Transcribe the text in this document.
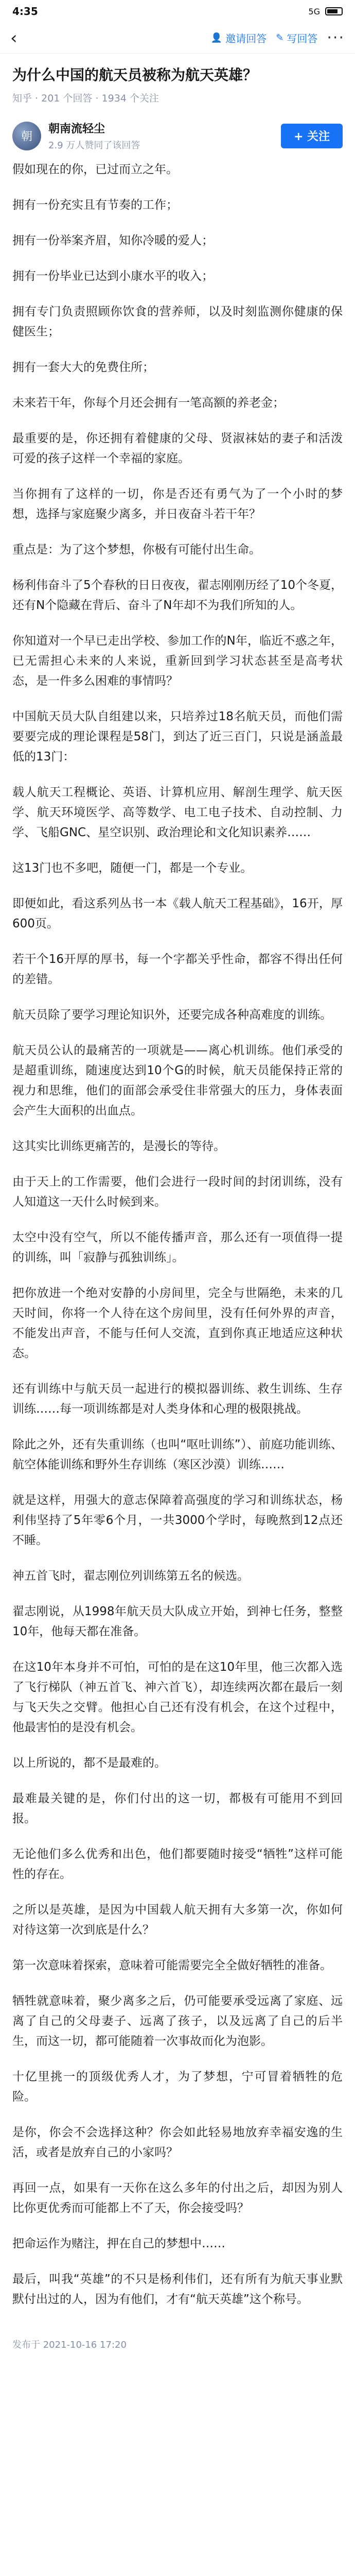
4:35	5G
‹	👤 邀请回答 ✎ 写回答 ···
为什么中国的航天员被称为航天英雄？
知乎 · 201 个回答 · 1934 个关注
朝
朝南流轻尘
2.9 万人赞同了该回答
+ 关注

假如现在的你，已过而立之年。

拥有一份充实且有节奏的工作；

拥有一份举案齐眉，知你冷暖的爱人；

拥有一份毕业已达到小康水平的收入；

拥有专门负责照顾你饮食的营养师，以及时刻监测你健康的保健医生；

拥有一套大大的免费住所；

未来若干年，你每个月还会拥有一笔高额的养老金；

最重要的是，你还拥有着健康的父母、贤淑袜姑的妻子和活泼可爱的孩子这样一个幸福的家庭。

当你拥有了这样的一切，你是否还有勇气为了一个小时的梦想，选择与家庭聚少离多，并日夜奋斗若干年？

重点是：为了这个梦想，你极有可能付出生命。

杨利伟奋斗了5个春秋的日日夜夜，翟志刚刚历经了10个冬夏，还有N个隐藏在背后、奋斗了N年却不为我们所知的人。

你知道对一个早已走出学校、参加工作的N年，临近不惑之年，已无需担心未来的人来说，重新回到学习状态甚至是高考状态，是一件多么困难的事情吗？

中国航天员大队自组建以来，只培养过18名航天员，而他们需要要完成的理论课程是58门，到达了近三百门，只说是涵盖最低的13门：

载人航天工程概论、英语、计算机应用、解剖生理学、航天医学、航天环境医学、高等数学、电工电子技术、自动控制、力学、飞船GNC、星空识别、政治理论和文化知识素养……

这13门也不多吧，随便一门，都是一个专业。

即便如此，看这系列丛书一本《载人航天工程基础》，16开，厚600页。

若干个16开厚的厚书，每一个字都关乎性命，都容不得出任何的差错。

航天员除了要学习理论知识外，还要完成各种高难度的训练。

航天员公认的最痛苦的一项就是——离心机训练。他们承受的是超重训练，随速度达到10个G的时候，航天员能保持正常的视力和思维，他们的面部会承受住非常强大的压力，身体表面会产生大面积的出血点。

这其实比训练更痛苦的，是漫长的等待。

由于天上的工作需要，他们会进行一段时间的封闭训练，没有人知道这一天什么时候到来。

太空中没有空气，所以不能传播声音，那么还有一项值得一提的训练，叫「寂静与孤独训练」。

把你放进一个绝对安静的小房间里，完全与世隔绝，未来的几天时间，你将一个人待在这个房间里，没有任何外界的声音，不能发出声音，不能与任何人交流，直到你真正地适应这种状态。

还有训练中与航天员一起进行的模拟器训练、救生训练、生存训练……每一项训练都是对人类身体和心理的极限挑战。

除此之外，还有失重训练（也叫“呕吐训练”）、前庭功能训练、航空体能训练和野外生存训练（寒区沙漠）训练……

就是这样，用强大的意志保障着高强度的学习和训练状态，杨利伟坚持了5年零6个月，一共3000个学时，每晚熬到12点还不睡。

神五首飞时，翟志刚位列训练第五名的候选。

翟志刚说，从1998年航天员大队成立开始，到神七任务，整整10年，他每天都在准备。

在这10年本身并不可怕，可怕的是在这10年里，他三次都入选了飞行梯队（神五首飞、神六首飞），却连续两次都在最后一刻与飞天失之交臂。他担心自己还有没有机会，在这个过程中，他最害怕的是没有机会。

以上所说的，都不是最难的。

最难最关键的是，你们付出的这一切，都极有可能用不到回报。

无论他们多么优秀和出色，他们都要随时接受“牺牲”这样可能性的存在。

之所以是英雄，是因为中国载人航天拥有大多第一次，你如何对待这第一次到底是什么？

第一次意味着探索，意味着可能需要完全全做好牺牲的准备。

牺牲就意味着，聚少离多之后，仍可能要承受远离了家庭、远离了自己的父母妻子、远离了孩子，以及远离了自己的后半生，而这一切，都可能随着一次事故而化为泡影。

十亿里挑一的顶级优秀人才，为了梦想，宁可冒着牺牲的危险。

是你，你会不会选择这种？你会如此轻易地放弃幸福安逸的生活，或者是放弃自己的小家吗？

再回一点，如果有一天你在这么多年的付出之后，却因为别人比你更优秀而可能都上不了天，你会接受吗？

把命运作为赌注，押在自己的梦想中……

最后，叫我“英雄”的不只是杨利伟们，还有所有为航天事业默默付出过的人，因为有他们，才有“航天英雄”这个称号。

发布于 2021-10-16 17:20
